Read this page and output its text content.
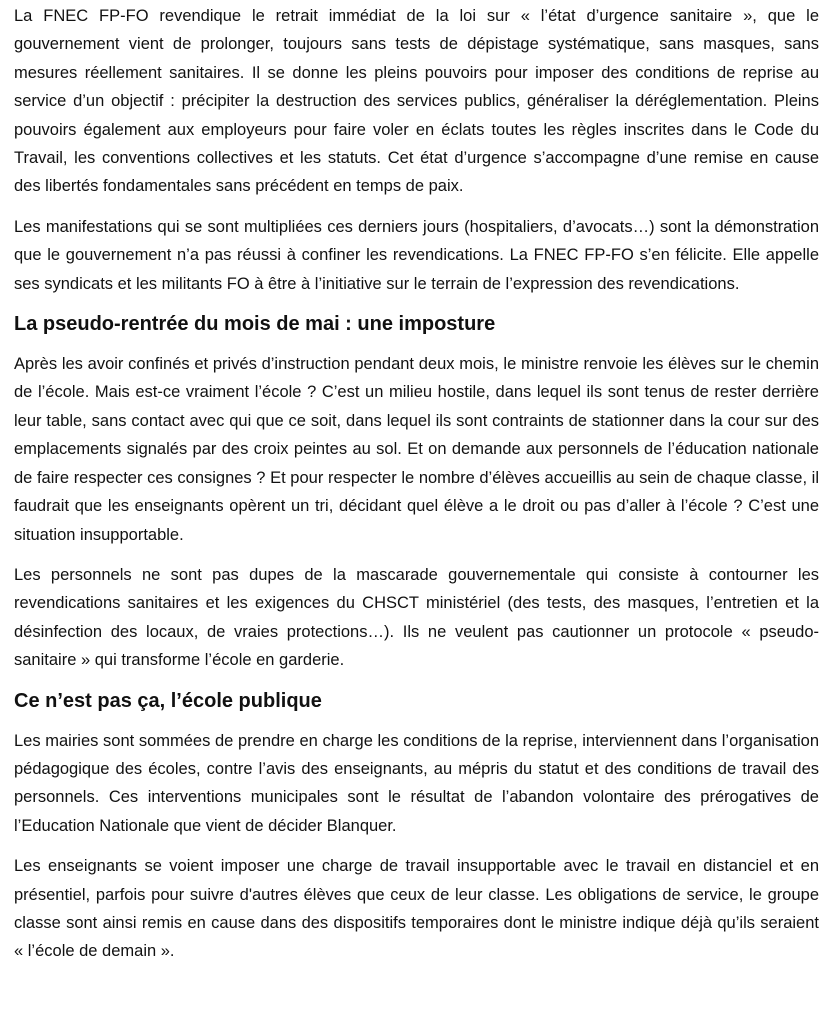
La FNEC FP-FO revendique le retrait immédiat de la loi sur « l’état d’urgence sanitaire », que le gouvernement vient de prolonger, toujours sans tests de dépistage systématique, sans masques, sans mesures réellement sanitaires. Il se donne les pleins pouvoirs pour imposer des conditions de reprise au service d’un objectif : précipiter la destruction des services publics, généraliser la déréglementation. Pleins pouvoirs également aux employeurs pour faire voler en éclats toutes les règles inscrites dans le Code du Travail, les conventions collectives et les statuts. Cet état d’urgence s’accompagne d’une remise en cause des libertés fondamentales sans précédent en temps de paix.

Les manifestations qui se sont multipliées ces derniers jours (hospitaliers, d’avocats…) sont la démonstration que le gouvernement n’a pas réussi à confiner les revendications. La FNEC FP-FO s’en félicite. Elle appelle ses syndicats et les militants FO à être à l’initiative sur le terrain de l’expression des revendications.

La pseudo-rentrée du mois de mai : une imposture

Après les avoir confinés et privés d’instruction pendant deux mois, le ministre renvoie les élèves sur le chemin de l’école. Mais est-ce vraiment l’école ? C’est un milieu hostile, dans lequel ils sont tenus de rester derrière leur table, sans contact avec qui que ce soit, dans lequel ils sont contraints de stationner dans la cour sur des emplacements signalés par des croix peintes au sol. Et on demande aux personnels de l’éducation nationale de faire respecter ces consignes ? Et pour respecter le nombre d’élèves accueillis au sein de chaque classe, il faudrait que les enseignants opèrent un tri, décidant quel élève a le droit ou pas d’aller à l’école ? C’est une situation insupportable.

Les personnels ne sont pas dupes de la mascarade gouvernementale qui consiste à contourner les revendications sanitaires et les exigences du CHSCT ministériel (des tests, des masques, l’entretien et la désinfection des locaux, de vraies protections…). Ils ne veulent pas cautionner un protocole « pseudo-sanitaire » qui transforme l’école en garderie.

Ce n’est pas ça, l’école publique

Les mairies sont sommées de prendre en charge les conditions de la reprise, interviennent dans l’organisation pédagogique des écoles, contre l’avis des enseignants, au mépris du statut et des conditions de travail des personnels. Ces interventions municipales sont le résultat de l’abandon volontaire des prérogatives de l’Education Nationale que vient de décider Blanquer.

Les enseignants se voient imposer une charge de travail insupportable avec le travail en distanciel et en présentiel, parfois pour suivre d'autres élèves que ceux de leur classe. Les obligations de service, le groupe classe sont ainsi remis en cause dans des dispositifs temporaires dont le ministre indique déjà qu’ils seraient « l’école de demain ».
